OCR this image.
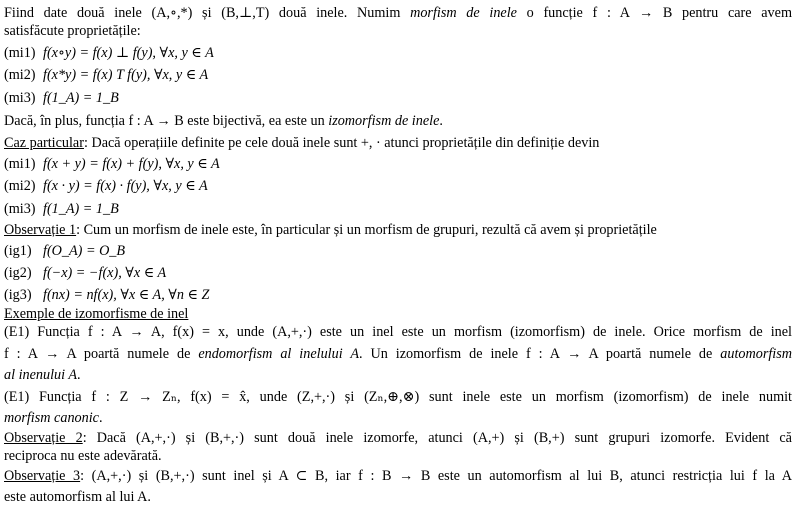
Fiind date două inele (A,∘,*) și (B,⊥,T) două inele. Numim morfism de inele o funcție f : A → B pentru care avem
satisfăcute proprietățile:
(mi1) f(x∘y) = f(x) ⊥ f(y), ∀x, y ∈ A
(mi2) f(x*y) = f(x) T f(y), ∀x, y ∈ A
(mi3) f(1_A) = 1_B
Dacă, în plus, funcția f : A → B este bijectivă, ea este un izomorfism de inele.
Caz particular: Dacă operațiile definite pe cele două inele sunt +, · atunci proprietățile din definiție devin
(mi1) f(x + y) = f(x) + f(y), ∀x, y ∈ A
(mi2) f(x · y) = f(x) · f(y), ∀x, y ∈ A
(mi3) f(1_A) = 1_B
Observație 1: Cum un morfism de inele este, în particular și un morfism de grupuri, rezultă că avem și proprietățile
(ig1) f(O_A) = O_B
(ig2) f(−x) = −f(x), ∀x ∈ A
(ig3) f(nx) = nf(x), ∀x ∈ A, ∀n ∈ Z
Exemple de izomorfisme de inel
(E1) Funcția f : A → A, f(x) = x, unde (A,+,·) este un inel este un morfism (izomorfism) de inele. Orice morfism de inel
f : A → A poartă numele de endomorfism al inelului A. Un izomorfism de inele f : A → A poartă numele de automorfism
al inenului A.
(E1) Funcția f : Z → Zₙ, f(x) = x̂, unde (Z,+,·) și (Zₙ,⊕,⊗) sunt inele este un morfism (izomorfism) de inele numit
morfism canonic.
Observație 2: Dacă (A,+,·) și (B,+,·) sunt două inele izomorfe, atunci (A,+) și (B,+) sunt grupuri izomorfe. Evident că
reciproca nu este adevărată.
Observație 3: (A,+,·) și (B,+,·) sunt inel și A ⊂ B, iar f : B → B este un automorfism al lui B, atunci restricția lui f la A
este automorfism al lui A.
